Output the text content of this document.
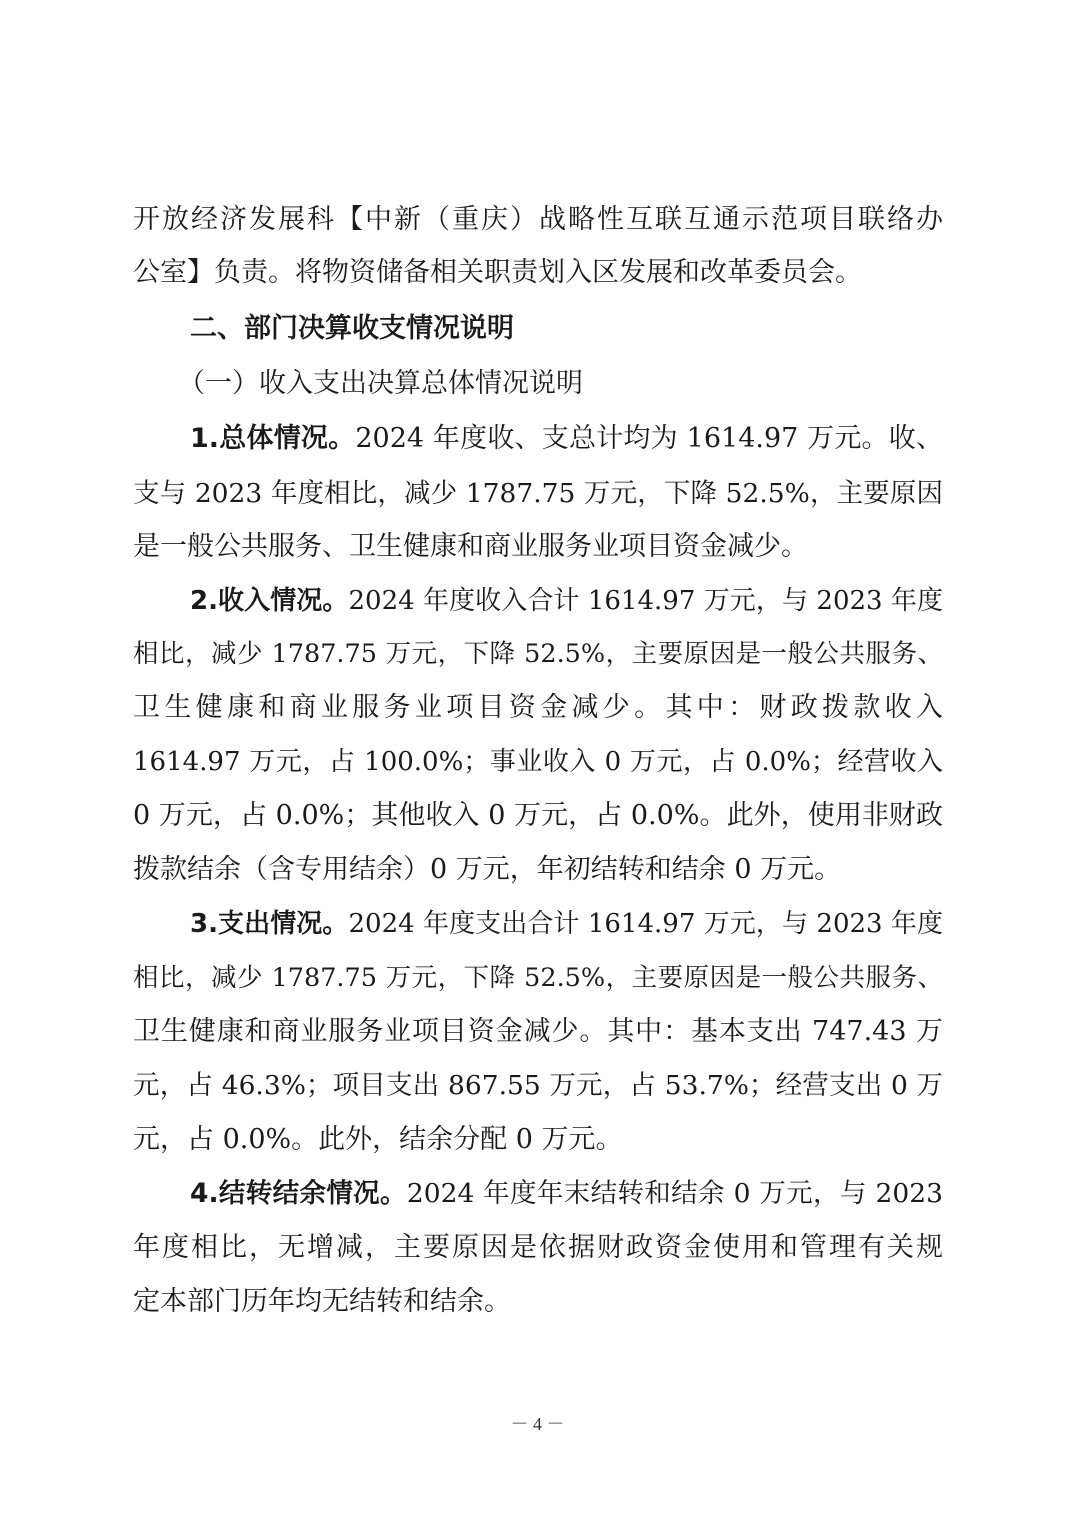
开放经济发展科【中新（重庆）战略性互联互通示范项目联络办
公室】负责。将物资储备相关职责划入区发展和改革委员会。
二、部门决算收支情况说明
（一）收入支出决算总体情况说明
1.总体情况。2024 年度收、支总计均为 1614.97 万元。收、
支与 2023 年度相比，减少 1787.75 万元，下降 52.5%，主要原因
是一般公共服务、卫生健康和商业服务业项目资金减少。
2.收入情况。2024 年度收入合计 1614.97 万元，与 2023 年度
相比，减少 1787.75 万元，下降 52.5%，主要原因是一般公共服务、
卫生健康和商业服务业项目资金减少。其中：财政拨款收入
1614.97 万元，占 100.0%；事业收入 0 万元，占 0.0%；经营收入
0 万元，占 0.0%；其他收入 0 万元，占 0.0%。此外，使用非财政
拨款结余（含专用结余）0 万元，年初结转和结余 0 万元。
3.支出情况。2024 年度支出合计 1614.97 万元，与 2023 年度
相比，减少 1787.75 万元，下降 52.5%，主要原因是一般公共服务、
卫生健康和商业服务业项目资金减少。其中：基本支出 747.43 万
元，占 46.3%；项目支出 867.55 万元，占 53.7%；经营支出 0 万
元，占 0.0%。此外，结余分配 0 万元。
4.结转结余情况。2024 年度年末结转和结余 0 万元，与 2023
年度相比，无增减，主要原因是依据财政资金使用和管理有关规
定本部门历年均无结转和结余。
－ 4 －
